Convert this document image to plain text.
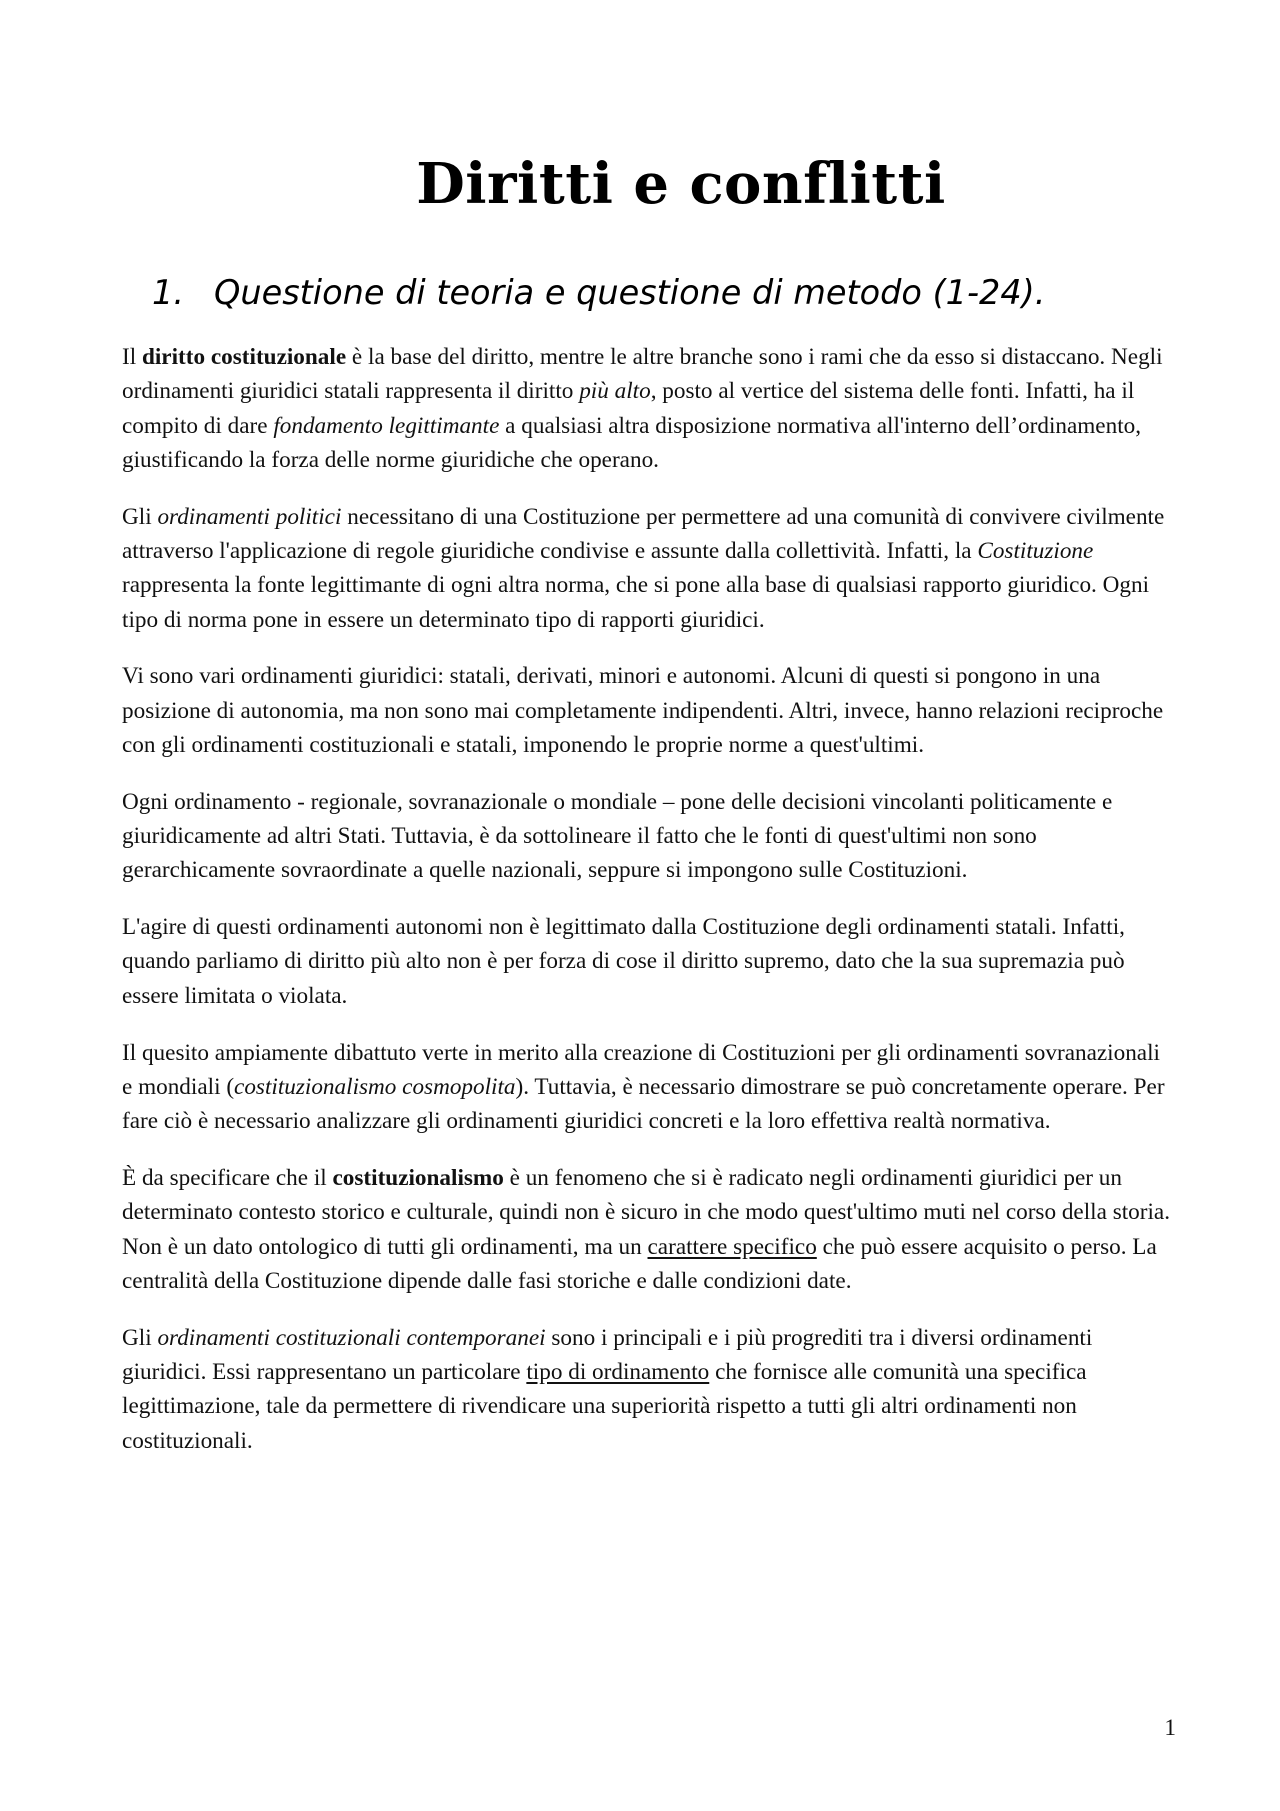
Diritti e conflitti
1. Questione di teoria e questione di metodo (1-24).

Il diritto costituzionale è la base del diritto, mentre le altre branche sono i rami che da esso si distaccano. Negli ordinamenti giuridici statali rappresenta il diritto più alto, posto al vertice del sistema delle fonti. Infatti, ha il compito di dare fondamento legittimante a qualsiasi altra disposizione normativa all'interno dell’ordinamento, giustificando la forza delle norme giuridiche che operano.

Gli ordinamenti politici necessitano di una Costituzione per permettere ad una comunità di convivere civilmente attraverso l'applicazione di regole giuridiche condivise e assunte dalla collettività. Infatti, la Costituzione rappresenta la fonte legittimante di ogni altra norma, che si pone alla base di qualsiasi rapporto giuridico. Ogni tipo di norma pone in essere un determinato tipo di rapporti giuridici.

Vi sono vari ordinamenti giuridici: statali, derivati, minori e autonomi. Alcuni di questi si pongono in una posizione di autonomia, ma non sono mai completamente indipendenti. Altri, invece, hanno relazioni reciproche con gli ordinamenti costituzionali e statali, imponendo le proprie norme a quest'ultimi.

Ogni ordinamento - regionale, sovranazionale o mondiale – pone delle decisioni vincolanti politicamente e giuridicamente ad altri Stati. Tuttavia, è da sottolineare il fatto che le fonti di quest'ultimi non sono gerarchicamente sovraordinate a quelle nazionali, seppure si impongono sulle Costituzioni.

L'agire di questi ordinamenti autonomi non è legittimato dalla Costituzione degli ordinamenti statali. Infatti, quando parliamo di diritto più alto non è per forza di cose il diritto supremo, dato che la sua supremazia può essere limitata o violata.

Il quesito ampiamente dibattuto verte in merito alla creazione di Costituzioni per gli ordinamenti sovranazionali e mondiali (costituzionalismo cosmopolita). Tuttavia, è necessario dimostrare se può concretamente operare. Per fare ciò è necessario analizzare gli ordinamenti giuridici concreti e la loro effettiva realtà normativa.

È da specificare che il costituzionalismo è un fenomeno che si è radicato negli ordinamenti giuridici per un determinato contesto storico e culturale, quindi non è sicuro in che modo quest'ultimo muti nel corso della storia. Non è un dato ontologico di tutti gli ordinamenti, ma un carattere specifico che può essere acquisito o perso. La centralità della Costituzione dipende dalle fasi storiche e dalle condizioni date.

Gli ordinamenti costituzionali contemporanei sono i principali e i più progrediti tra i diversi ordinamenti giuridici. Essi rappresentano un particolare tipo di ordinamento che fornisce alle comunità una specifica legittimazione, tale da permettere di rivendicare una superiorità rispetto a tutti gli altri ordinamenti non costituzionali.

1
